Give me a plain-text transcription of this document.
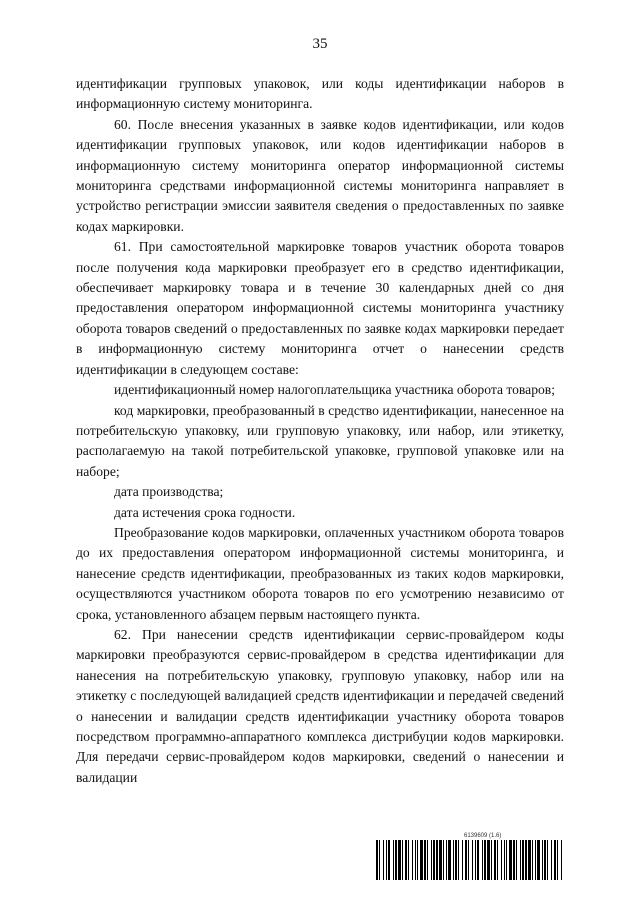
35

идентификации групповых упаковок, или коды идентификации наборов в информационную систему мониторинга.

60. После внесения указанных в заявке кодов идентификации, или кодов идентификации групповых упаковок, или кодов идентификации наборов в информационную систему мониторинга оператор информационной системы мониторинга средствами информационной системы мониторинга направляет в устройство регистрации эмиссии заявителя сведения о предоставленных по заявке кодах маркировки.

61. При самостоятельной маркировке товаров участник оборота товаров после получения кода маркировки преобразует его в средство идентификации, обеспечивает маркировку товара и в течение 30 календарных дней со дня предоставления оператором информационной системы мониторинга участнику оборота товаров сведений о предоставленных по заявке кодах маркировки передает в информационную систему мониторинга отчет о нанесении средств идентификации в следующем составе:

идентификационный номер налогоплательщика участника оборота товаров;

код маркировки, преобразованный в средство идентификации, нанесенное на потребительскую упаковку, или групповую упаковку, или набор, или этикетку, располагаемую на такой потребительской упаковке, групповой упаковке или на наборе;

дата производства;

дата истечения срока годности.

Преобразование кодов маркировки, оплаченных участником оборота товаров до их предоставления оператором информационной системы мониторинга, и нанесение средств идентификации, преобразованных из таких кодов маркировки, осуществляются участником оборота товаров по его усмотрению независимо от срока, установленного абзацем первым настоящего пункта.

62. При нанесении средств идентификации сервис-провайдером коды маркировки преобразуются сервис-провайдером в средства идентификации для нанесения на потребительскую упаковку, групповую упаковку, набор или на этикетку с последующей валидацией средств идентификации и передачей сведений о нанесении и валидации средств идентификации участнику оборота товаров посредством программно-аппаратного комплекса дистрибуции кодов маркировки. Для передачи сервис-провайдером кодов маркировки, сведений о нанесении и валидации

6139609 (1.6)
